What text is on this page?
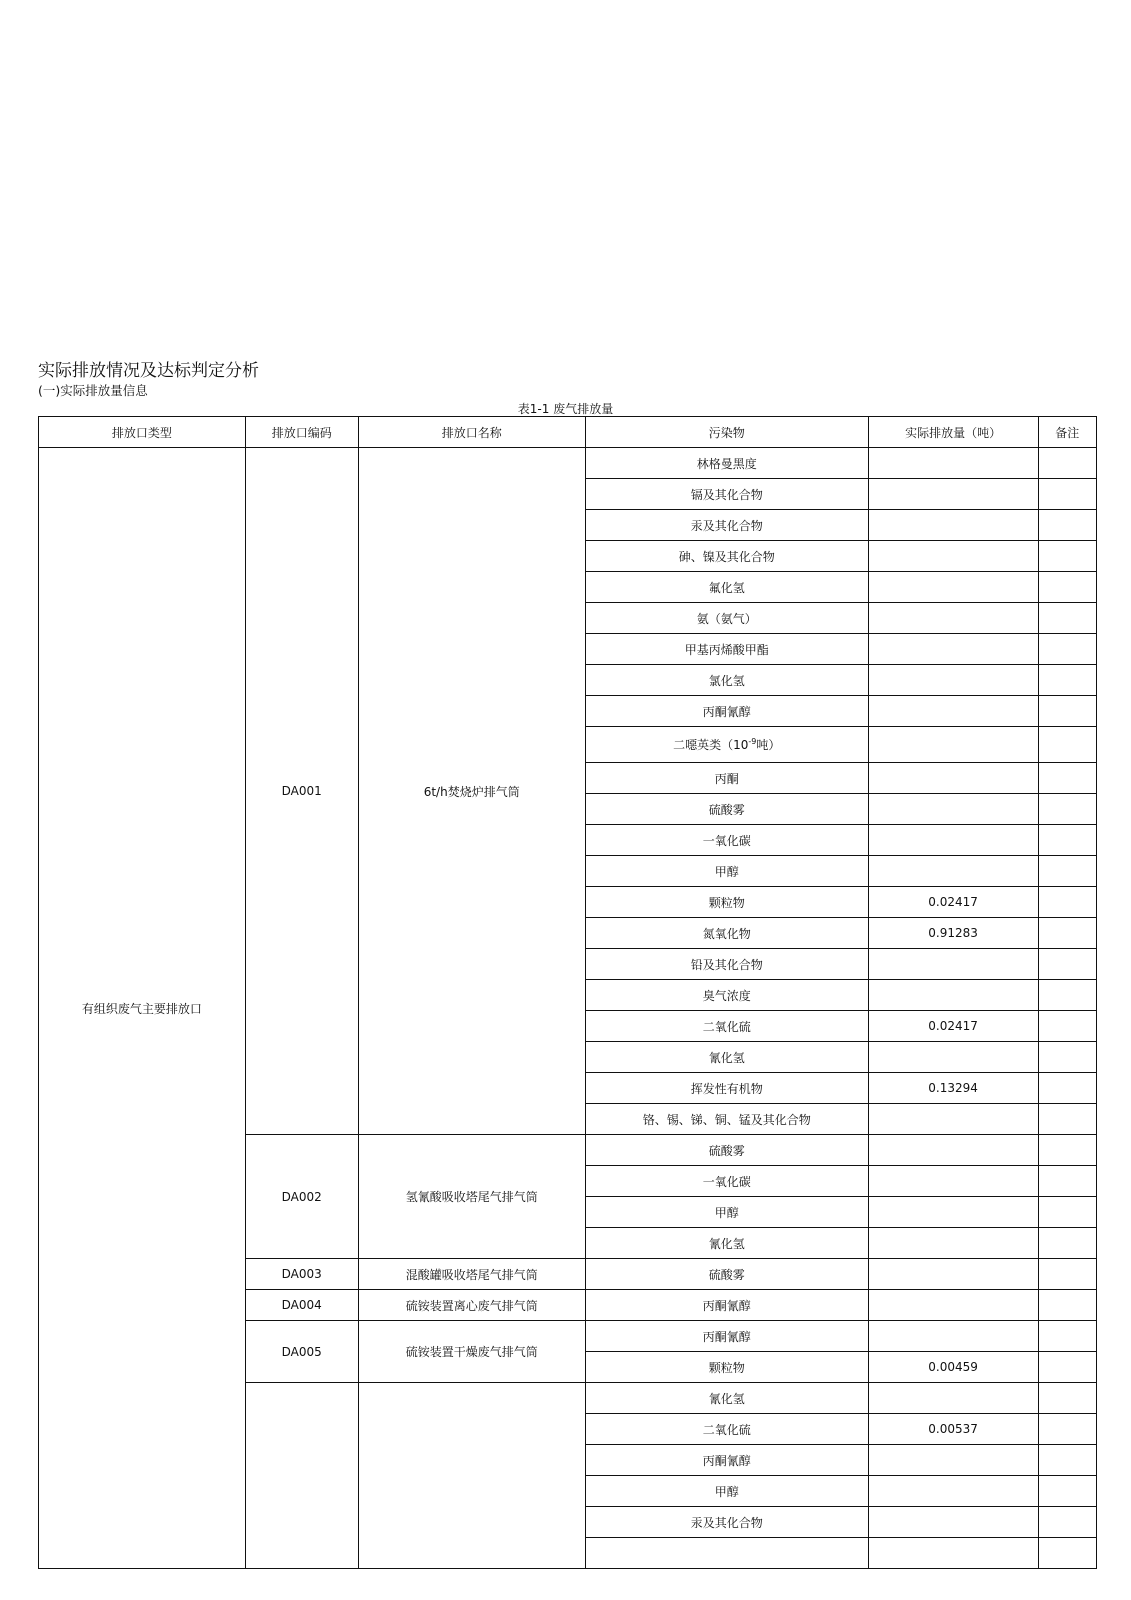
实际排放情况及达标判定分析
(一)实际排放量信息
表1-1 废气排放量
排放口类型	排放口编码	排放口名称	污染物	实际排放量（吨）	备注
有组织废气主要排放口	DA001	6t/h焚烧炉排气筒	林格曼黑度		
			镉及其化合物		
			汞及其化合物		
			砷、镍及其化合物		
			氟化氢		
			氨（氨气）		
			甲基丙烯酸甲酯		
			氯化氢		
			丙酮氰醇		
			二噁英类（$10^{-9}$吨）		
			丙酮		
			硫酸雾		
			一氧化碳		
			甲醇		
			颗粒物	0.02417	
			氮氧化物	0.91283	
			铅及其化合物		
			臭气浓度		
			二氧化硫	0.02417	
			氰化氢		
			挥发性有机物	0.13294	
			铬、锡、锑、铜、锰及其化合物		
	DA002	氢氰酸吸收塔尾气排气筒	硫酸雾		
			一氧化碳		
			甲醇		
			氰化氢		
	DA003	混酸罐吸收塔尾气排气筒	硫酸雾		
	DA004	硫铵装置离心废气排气筒	丙酮氰醇		
	DA005	硫铵装置干燥废气排气筒	丙酮氰醇		
			颗粒物	0.00459	
			氰化氢		
			二氧化硫	0.00537	
			丙酮氰醇		
			甲醇		
			汞及其化合物		
